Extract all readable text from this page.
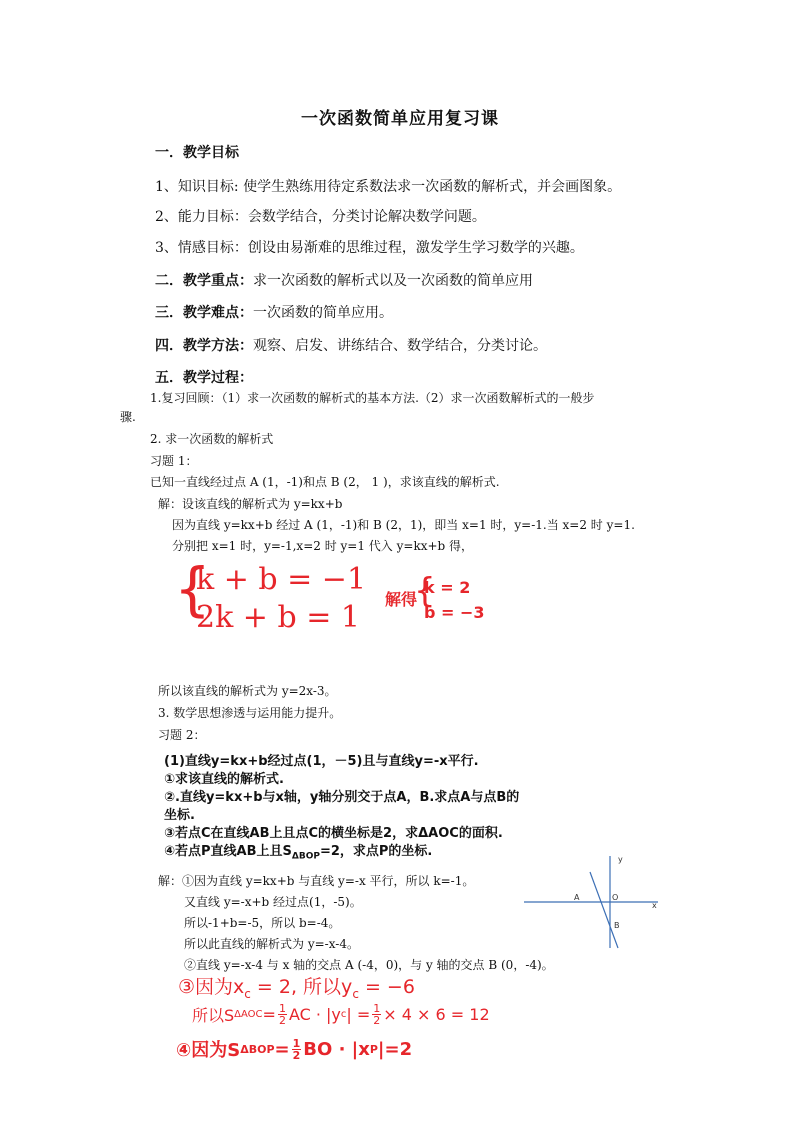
一次函数简单应用复习课
一．教学目标
1、知识目标: 使学生熟练用待定系数法求一次函数的解析式，并会画图象。
2、能力目标：会数学结合，分类讨论解决数学问题。
3、情感目标：创设由易渐难的思维过程，激发学生学习数学的兴趣。
二．教学重点：求一次函数的解析式以及一次函数的简单应用
三．教学难点：一次函数的简单应用。
四．教学方法：观察、启发、讲练结合、数学结合，分类讨论。
五．教学过程：
1.复习回顾：（1）求一次函数的解析式的基本方法.（2）求一次函数解析式的一般步
骤.
2. 求一次函数的解析式
习题 1：
已知一直线经过点 A (1，-1)和点 B (2， 1 )，求该直线的解析式.
解：设该直线的解析式为 y=kx+b
因为直线 y=kx+b 经过 A (1，-1)和 B (2，1)，即当 x=1 时，y=-1.当 x=2 时 y=1.
分别把 x=1 时，y=-1,x=2 时 y=1 代入 y=kx+b 得，
{
k + b = −1
2k + b = 1
解得
{
k = 2
b = −3
所以该直线的解析式为 y=2x-3。
3. 数学思想渗透与运用能力提升。
习题 2：
(1)直线y=kx+b经过点(1，－5)且与直线y=-x平行.
①求该直线的解析式.
②.直线y=kx+b与x轴，y轴分别交于点A，B.求点A与点B的
坐标.
③若点C在直线AB上且点C的横坐标是2，求ΔAOC的面积.
④若点P直线AB上且$S_{\Delta BOP}=2$，求点P的坐标.
y
x
A	O
B
解：①因为直线 y=kx+b 与直线 y=-x 平行，所以 k=-1。
又直线 y=-x+b 经过点(1，-5)。
所以-1+b=-5，所以 b=-4。
所以此直线的解析式为 y=-x-4。
②直线 y=-x-4 与 x 轴的交点 A (-4，0)，与 y 轴的交点 B (0，-4)。
③因为$x_c = 2$, 所以$y_c = -6$
所以S $\Delta AOC = \frac{1}{2}$ AC · |y c | = $\frac{1}{2} \times 4 \times 6 = 12$
④因为S $\Delta BOP = \frac{1}{2}$ BO · |x P |=2
